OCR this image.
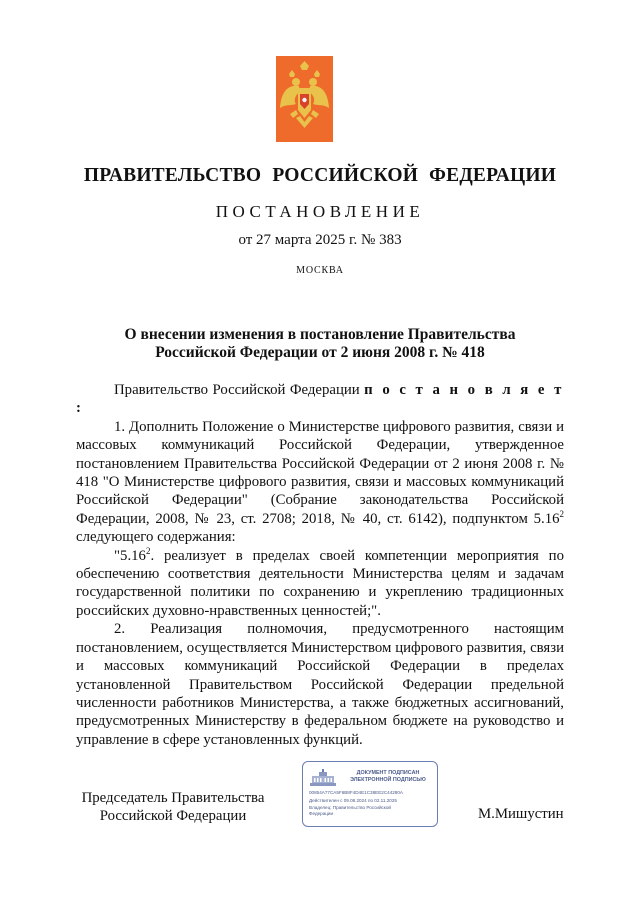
ПРАВИТЕЛЬСТВО РОССИЙСКОЙ ФЕДЕРАЦИИ
ПОСТАНОВЛЕНИЕ
от 27 марта 2025 г. № 383
МОСКВА
О внесении изменения в постановление Правительства
Российской Федерации от 2 июня 2008 г. № 418

Правительство Российской Федерации п о с т а н о в л я е т :

1. Дополнить Положение о Министерстве цифрового развития, связи и массовых коммуникаций Российской Федерации, утвержденное постановлением Правительства Российской Федерации от 2 июня 2008 г. № 418 "О Министерстве цифрового развития, связи и массовых коммуникаций Российской Федерации" (Собрание законодательства Российской Федерации, 2008, № 23, ст. 2708; 2018, № 40, ст. 6142), подпунктом 5.16$^2$ следующего содержания:

"5.16$^2$. реализует в пределах своей компетенции мероприятия по обеспечению соответствия деятельности Министерства целям и задачам государственной политики по сохранению и укреплению традиционных российских духовно-нравственных ценностей;".

2. Реализация полномочия, предусмотренного настоящим постановлением, осуществляется Министерством цифрового развития, связи и массовых коммуникаций Российской Федерации в пределах установленной Правительством Российской Федерации предельной численности работников Министерства, а также бюджетных ассигнований, предусмотренных Министерству в федеральном бюджете на руководство и управление в сфере установленных функций.

Председатель Правительства
Российской Федерации
ДОКУМЕНТ ПОДПИСАН
ЭЛЕКТРОННОЙ ПОДПИСЬЮ
00854A77CA5F6B8F4D4E1C38EE2C44280A
Действителен с 09.08.2024 по 02.11.2025
Владелец: Правительство Российской
Федерации	М.Мишустин
